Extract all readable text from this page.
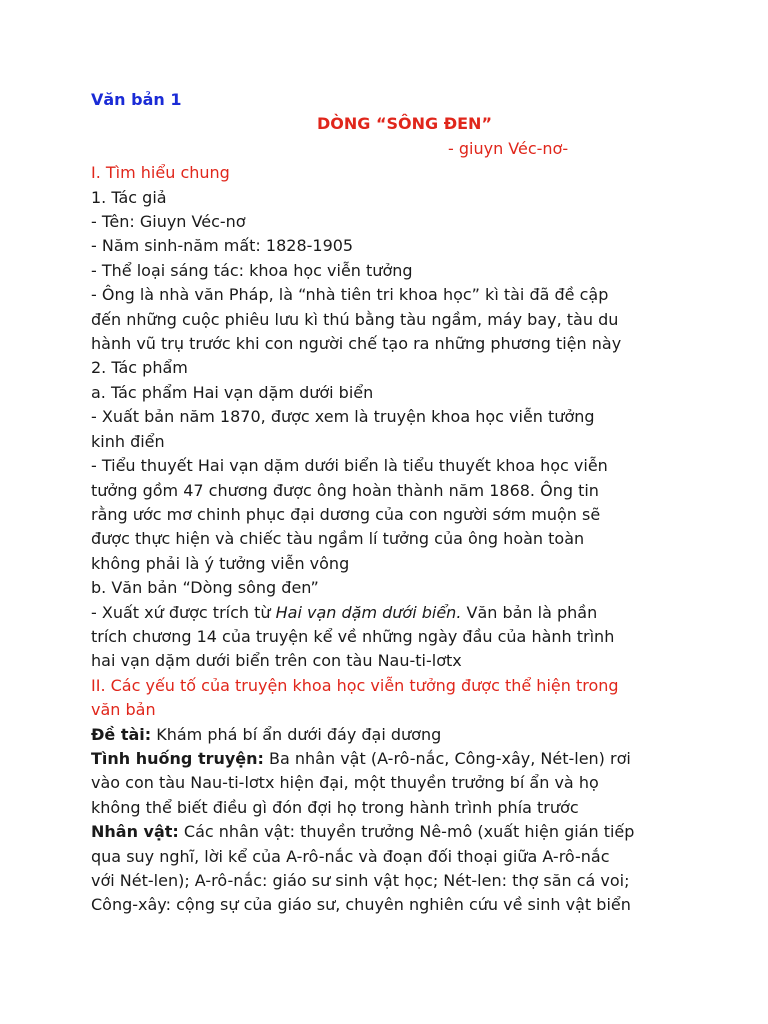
Văn bản 1
DÒNG “SÔNG ĐEN”
- giuyn Véc-nơ-
I. Tìm hiểu chung
1. Tác giả
- Tên: Giuyn Véc-nơ
- Năm sinh-năm mất: 1828-1905
- Thể loại sáng tác: khoa học viễn tưởng
- Ông là nhà văn Pháp, là “nhà tiên tri khoa học” kì tài đã đề cập
đến những cuộc phiêu lưu kì thú bằng tàu ngầm, máy bay, tàu du
hành vũ trụ trước khi con người chế tạo ra những phương tiện này
2. Tác phẩm
a. Tác phẩm Hai vạn dặm dưới biển
- Xuất bản năm 1870, được xem là truyện khoa học viễn tưởng
kinh điển
- Tiểu thuyết Hai vạn dặm dưới biển là tiểu thuyết khoa học viễn
tưởng gồm 47 chương được ông hoàn thành năm 1868. Ông tin
rằng ước mơ chinh phục đại dương của con người sớm muộn sẽ
được thực hiện và chiếc tàu ngầm lí tưởng của ông hoàn toàn
không phải là ý tưởng viễn vông
b. Văn bản “Dòng sông đen”
- Xuất xứ được trích từ Hai vạn dặm dưới biển. Văn bản là phần
trích chương 14 của truyện kể về những ngày đầu của hành trình
hai vạn dặm dưới biển trên con tàu Nau-ti-lơtx
II. Các yếu tố của truyện khoa học viễn tưởng được thể hiện trong
văn bản
Đề tài: Khám phá bí ẩn dưới đáy đại dương
Tình huống truyện: Ba nhân vật (A-rô-nắc, Công-xây, Nét-len) rơi
vào con tàu Nau-ti-lơtx hiện đại, một thuyền trưởng bí ẩn và họ
không thể biết điều gì đón đợi họ trong hành trình phía trước
Nhân vật: Các nhân vật: thuyền trưởng Nê-mô (xuất hiện gián tiếp
qua suy nghĩ, lời kể của A-rô-nắc và đoạn đối thoại giữa A-rô-nắc
với Nét-len); A-rô-nắc: giáo sư sinh vật học; Nét-len: thợ săn cá voi;
Công-xây: cộng sự của giáo sư, chuyên nghiên cứu về sinh vật biển
